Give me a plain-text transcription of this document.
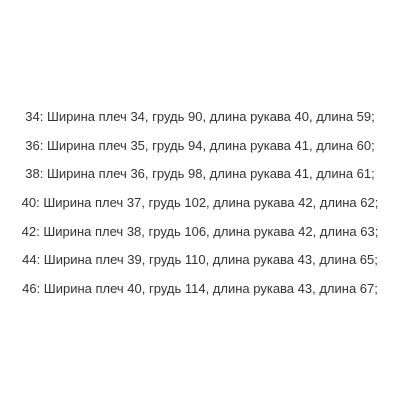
34: Ширина плеч 34, грудь 90, длина рукава 40, длина 59;
36: Ширина плеч 35, грудь 94, длина рукава 41, длина 60;
38: Ширина плеч 36, грудь 98, длина рукава 41, длина 61;
40: Ширина плеч 37, грудь 102, длина рукава 42, длина 62;
42: Ширина плеч 38, грудь 106, длина рукава 42, длина 63;
44: Ширина плеч 39, грудь 110, длина рукава 43, длина 65;
46: Ширина плеч 40, грудь 114, длина рукава 43, длина 67;
